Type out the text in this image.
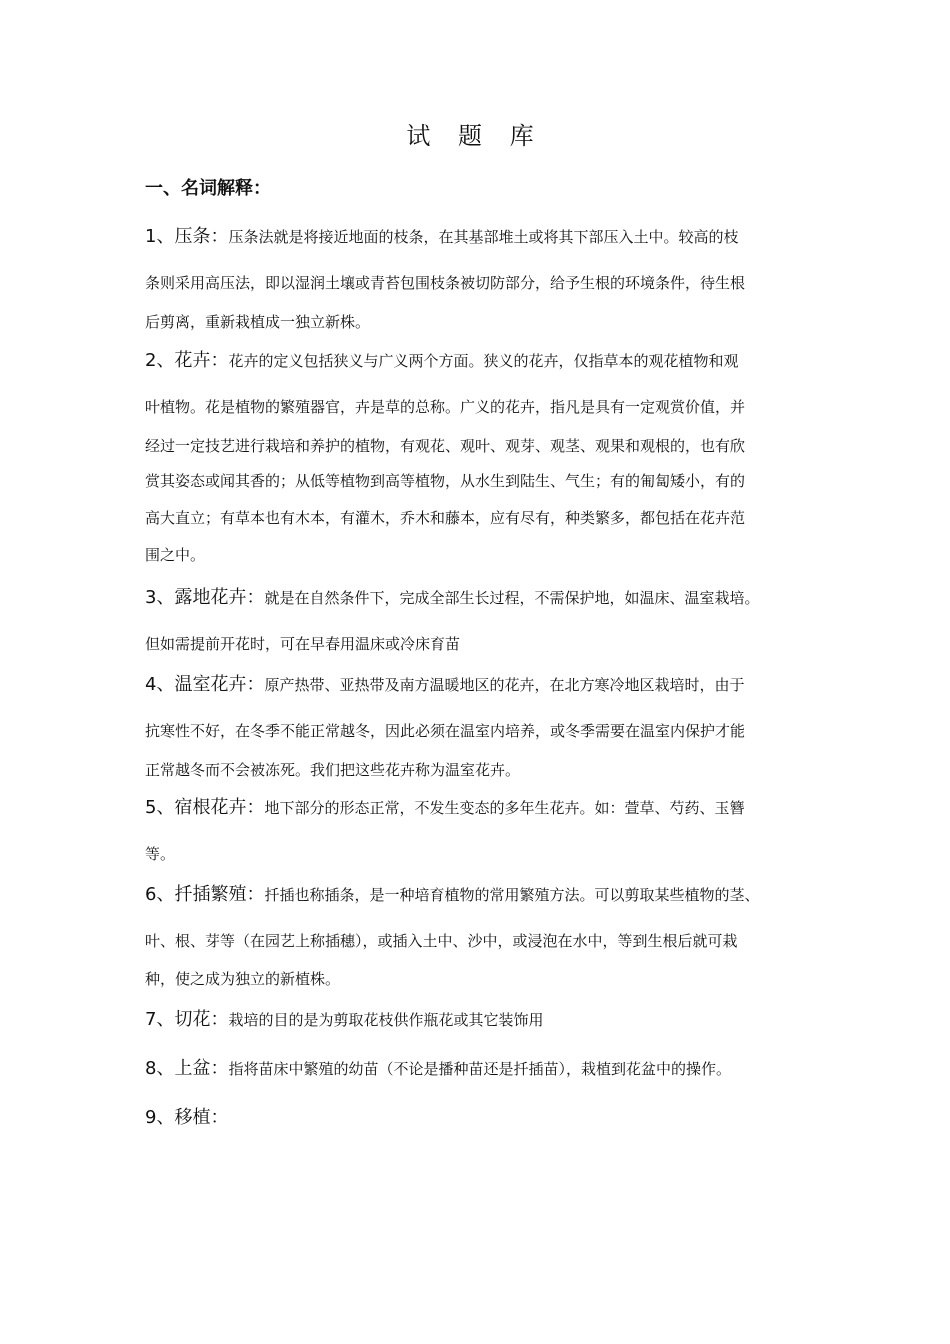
试 题 库
一、名词解释：
1、压条：压条法就是将接近地面的枝条，在其基部堆土或将其下部压入土中。较高的枝
条则采用高压法，即以湿润土壤或青苔包围枝条被切防部分，给予生根的环境条件，待生根
后剪离，重新栽植成一独立新株。
2、花卉：花卉的定义包括狭义与广义两个方面。狭义的花卉，仅指草本的观花植物和观
叶植物。花是植物的繁殖器官，卉是草的总称。广义的花卉，指凡是具有一定观赏价值，并
经过一定技艺进行栽培和养护的植物，有观花、观叶、观芽、观茎、观果和观根的，也有欣
赏其姿态或闻其香的；从低等植物到高等植物，从水生到陆生、气生；有的匍匐矮小，有的
高大直立；有草本也有木本，有灌木，乔木和藤本，应有尽有，种类繁多，都包括在花卉范
围之中。
3、露地花卉：就是在自然条件下，完成全部生长过程，不需保护地，如温床、温室栽培。
但如需提前开花时，可在早春用温床或冷床育苗
4、温室花卉：原产热带、亚热带及南方温暖地区的花卉，在北方寒冷地区栽培时，由于
抗寒性不好，在冬季不能正常越冬，因此必须在温室内培养，或冬季需要在温室内保护才能
正常越冬而不会被冻死。我们把这些花卉称为温室花卉。
5、宿根花卉：地下部分的形态正常，不发生变态的多年生花卉。如：萱草、芍药、玉簪
等。
6、扦插繁殖：扦插也称插条，是一种培育植物的常用繁殖方法。可以剪取某些植物的茎、
叶、根、芽等（在园艺上称插穗），或插入土中、沙中，或浸泡在水中，等到生根后就可栽
种，使之成为独立的新植株。
7、切花：栽培的目的是为剪取花枝供作瓶花或其它装饰用
8、上盆：指将苗床中繁殖的幼苗（不论是播种苗还是扦插苗），栽植到花盆中的操作。
9、移植：
